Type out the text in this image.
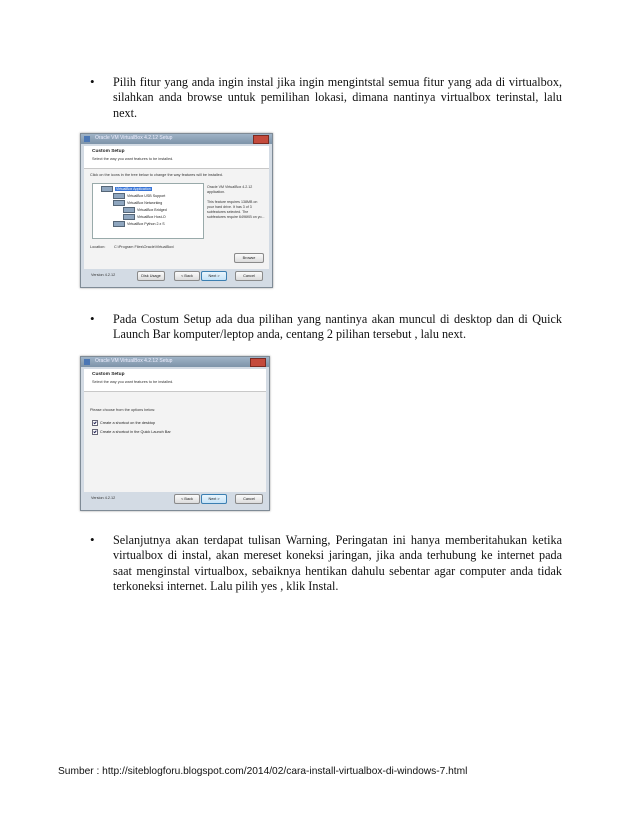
• Pilih fitur yang anda ingin instal jika ingin mengintstal semua fitur yang ada di virtualbox, silahkan anda browse untuk pemilihan lokasi, dimana nantinya virtualbox terinstal, lalu next.
Oracle VM VirtualBox 4.2.12 Setup
Custom Setup
Select the way you want features to be installed.
Click on the icons in the tree below to change the way features will be installed.
VirtualBox Application
VirtualBox USB Support
VirtualBox Networking
VirtualBox Bridged
VirtualBox Host-O
VirtualBox Python 2.x S
Oracle VM VirtualBox 4.2.12
application.

This feature requires 138MB on
your hard drive. It has 3 of 3
subfeatures selected. The
subfeatures require 6496KB on yo...
Location: C:\Program Files\Oracle\VirtualBox\
Browse
Version 4.2.12	Disk Usage	< Back	Next >	Cancel
• Pada Costum Setup ada dua pilihan yang nantinya akan muncul di desktop dan di Quick Launch Bar komputer/leptop anda, centang 2 pilihan tersebut , lalu next.
Oracle VM VirtualBox 4.2.12 Setup
Custom Setup
Select the way you want features to be installed.
Please choose from the options below:
Create a shortcut on the desktop
Create a shortcut in the Quick Launch Bar
Version 4.2.12	< Back	Next >	Cancel
• Selanjutnya akan terdapat tulisan Warning, Peringatan ini hanya memberitahukan ketika virtualbox di instal, akan mereset koneksi jaringan, jika anda terhubung ke internet pada saat menginstal virtualbox, sebaiknya hentikan dahulu sebentar agar computer anda tidak terkoneksi internet. Lalu pilih yes , klik Instal.
Sumber : http://siteblogforu.blogspot.com/2014/02/cara-install-virtualbox-di-windows-7.html
